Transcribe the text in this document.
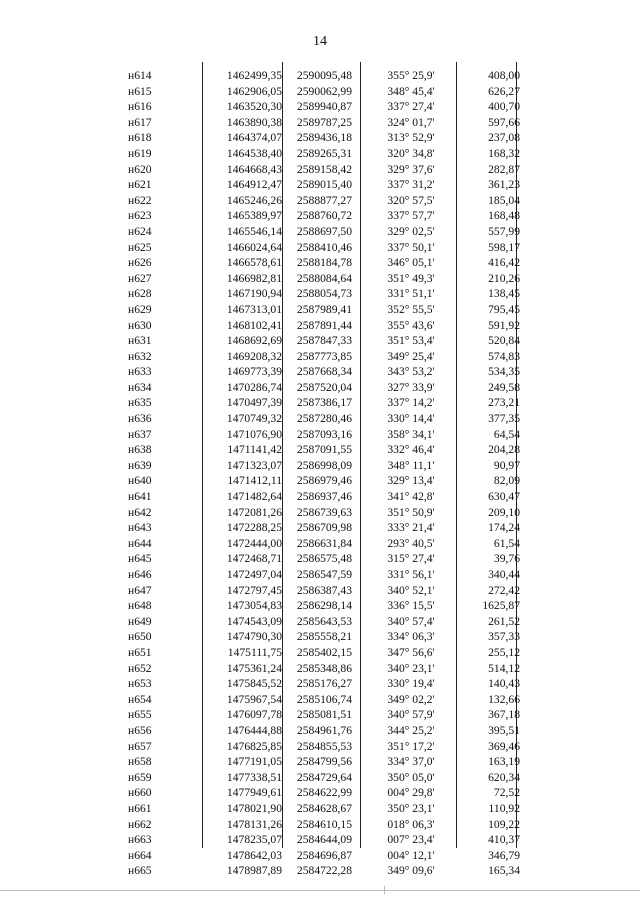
14
н614	1462499,35	2590095,48	355° 25,9'	408,00
н615	1462906,05	2590062,99	348° 45,4'	626,27
н616	1463520,30	2589940,87	337° 27,4'	400,70
н617	1463890,38	2589787,25	324° 01,7'	597,66
н618	1464374,07	2589436,18	313° 52,9'	237,08
н619	1464538,40	2589265,31	320° 34,8'	168,32
н620	1464668,43	2589158,42	329° 37,6'	282,87
н621	1464912,47	2589015,40	337° 31,2'	361,23
н622	1465246,26	2588877,27	320° 57,5'	185,04
н623	1465389,97	2588760,72	337° 57,7'	168,48
н624	1465546,14	2588697,50	329° 02,5'	557,99
н625	1466024,64	2588410,46	337° 50,1'	598,17
н626	1466578,61	2588184,78	346° 05,1'	416,42
н627	1466982,81	2588084,64	351° 49,3'	210,26
н628	1467190,94	2588054,73	331° 51,1'	138,45
н629	1467313,01	2587989,41	352° 55,5'	795,45
н630	1468102,41	2587891,44	355° 43,6'	591,92
н631	1468692,69	2587847,33	351° 53,4'	520,84
н632	1469208,32	2587773,85	349° 25,4'	574,83
н633	1469773,39	2587668,34	343° 53,2'	534,35
н634	1470286,74	2587520,04	327° 33,9'	249,58
н635	1470497,39	2587386,17	337° 14,2'	273,21
н636	1470749,32	2587280,46	330° 14,4'	377,35
н637	1471076,90	2587093,16	358° 34,1'	64,54
н638	1471141,42	2587091,55	332° 46,4'	204,28
н639	1471323,07	2586998,09	348° 11,1'	90,97
н640	1471412,11	2586979,46	329° 13,4'	82,09
н641	1471482,64	2586937,46	341° 42,8'	630,47
н642	1472081,26	2586739,63	351° 50,9'	209,10
н643	1472288,25	2586709,98	333° 21,4'	174,24
н644	1472444,00	2586631,84	293° 40,5'	61,54
н645	1472468,71	2586575,48	315° 27,4'	39,76
н646	1472497,04	2586547,59	331° 56,1'	340,44
н647	1472797,45	2586387,43	340° 52,1'	272,42
н648	1473054,83	2586298,14	336° 15,5'	1625,87
н649	1474543,09	2585643,53	340° 57,4'	261,52
н650	1474790,30	2585558,21	334° 06,3'	357,33
н651	1475111,75	2585402,15	347° 56,6'	255,12
н652	1475361,24	2585348,86	340° 23,1'	514,12
н653	1475845,52	2585176,27	330° 19,4'	140,43
н654	1475967,54	2585106,74	349° 02,2'	132,66
н655	1476097,78	2585081,51	340° 57,9'	367,18
н656	1476444,88	2584961,76	344° 25,2'	395,51
н657	1476825,85	2584855,53	351° 17,2'	369,46
н658	1477191,05	2584799,56	334° 37,0'	163,19
н659	1477338,51	2584729,64	350° 05,0'	620,34
н660	1477949,61	2584622,99	004° 29,8'	72,52
н661	1478021,90	2584628,67	350° 23,1'	110,92
н662	1478131,26	2584610,15	018° 06,3'	109,22
н663	1478235,07	2584644,09	007° 23,4'	410,37
н664	1478642,03	2584696,87	004° 12,1'	346,79
н665	1478987,89	2584722,28	349° 09,6'	165,34
